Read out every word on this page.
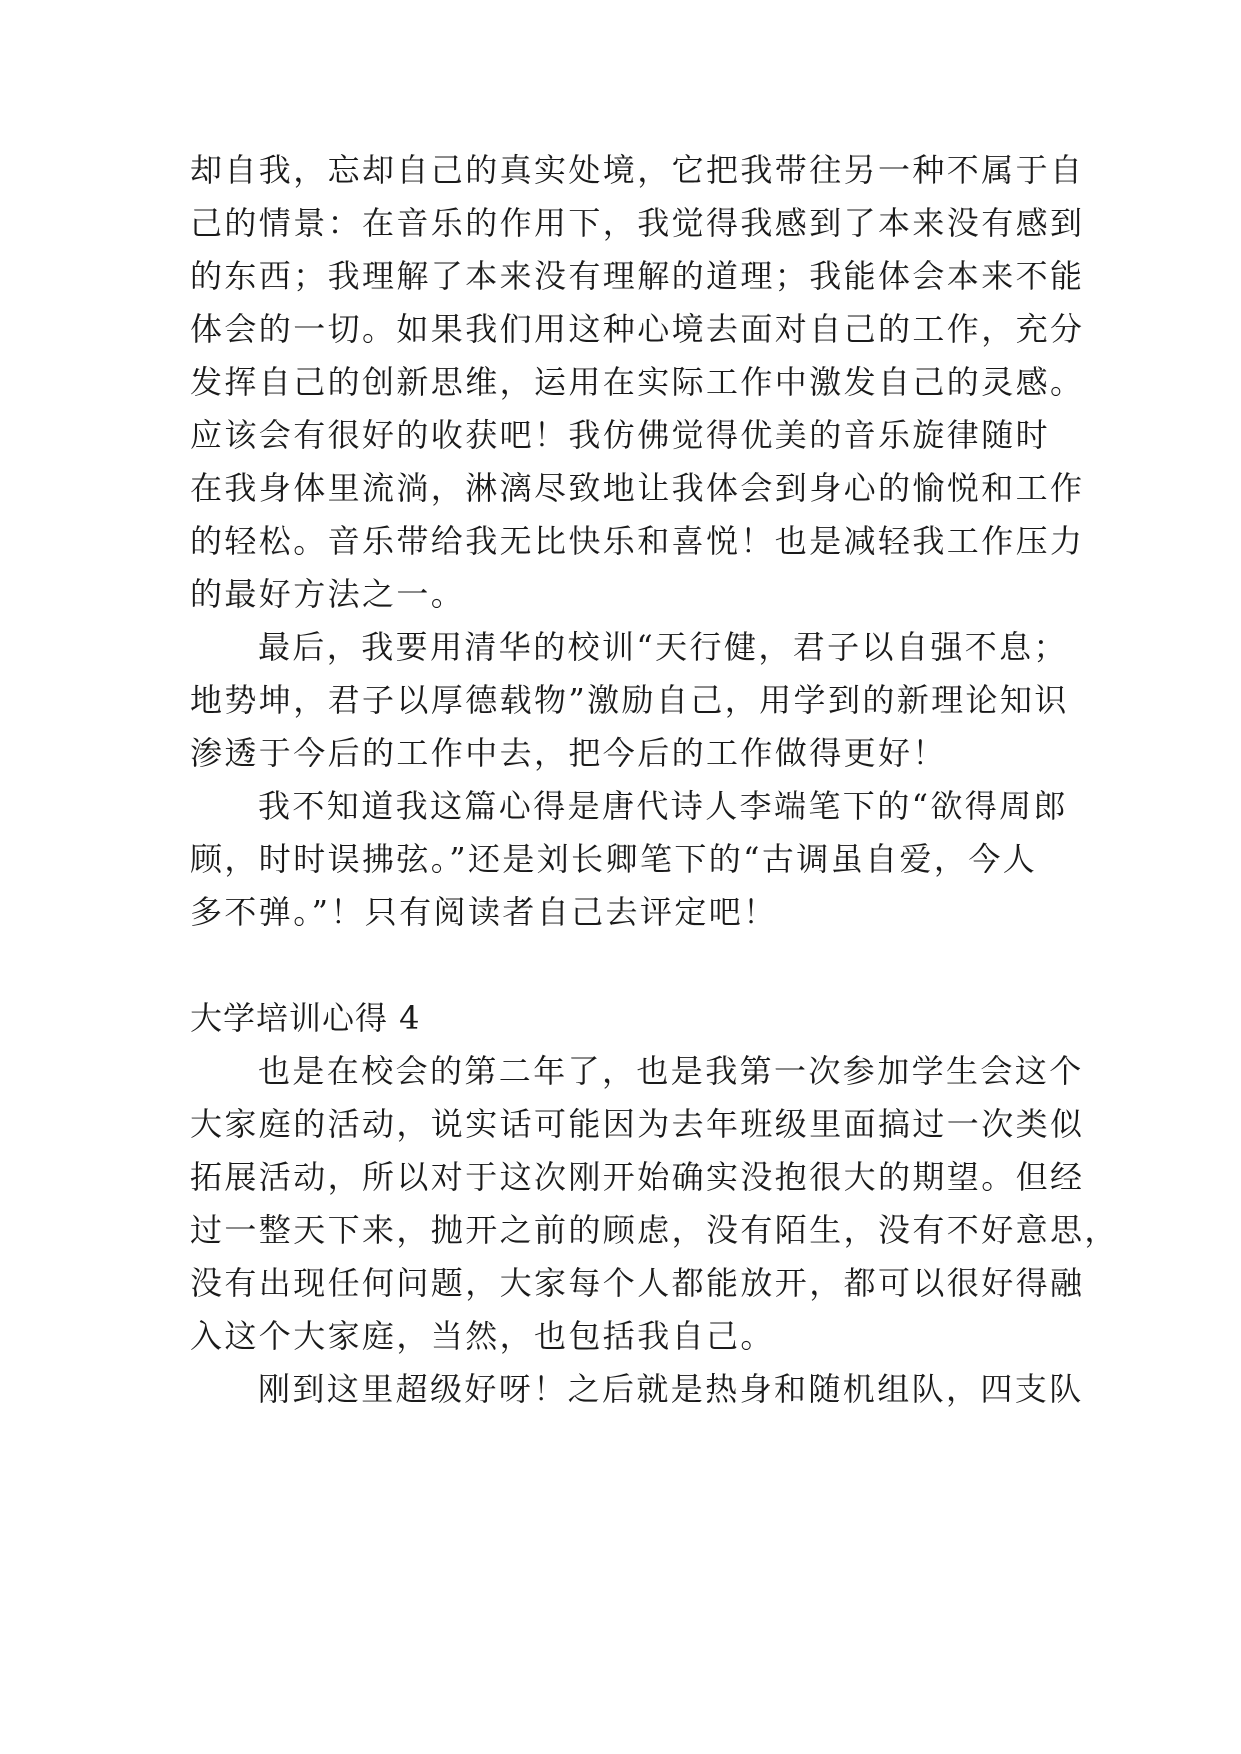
却自我，忘却自己的真实处境，它把我带往另一种不属于自
己的情景：在音乐的作用下，我觉得我感到了本来没有感到
的东西；我理解了本来没有理解的道理；我能体会本来不能
体会的一切。如果我们用这种心境去面对自己的工作，充分
发挥自己的创新思维，运用在实际工作中激发自己的灵感。
应该会有很好的收获吧！我仿佛觉得优美的音乐旋律随时
在我身体里流淌，淋漓尽致地让我体会到身心的愉悦和工作
的轻松。音乐带给我无比快乐和喜悦！也是减轻我工作压力
的最好方法之一。
最后，我要用清华的校训“天行健，君子以自强不息；
地势坤，君子以厚德载物”激励自己，用学到的新理论知识
渗透于今后的工作中去，把今后的工作做得更好！
我不知道我这篇心得是唐代诗人李端笔下的“欲得周郎
顾，时时误拂弦。”还是刘长卿笔下的“古调虽自爱，今人
多不弹。”！只有阅读者自己去评定吧！
大学培训心得 4
也是在校会的第二年了，也是我第一次参加学生会这个
大家庭的活动，说实话可能因为去年班级里面搞过一次类似
拓展活动，所以对于这次刚开始确实没抱很大的期望。但经
过一整天下来，抛开之前的顾虑，没有陌生，没有不好意思，
没有出现任何问题，大家每个人都能放开，都可以很好得融
入这个大家庭，当然，也包括我自己。
刚到这里超级好呀！之后就是热身和随机组队，四支队
